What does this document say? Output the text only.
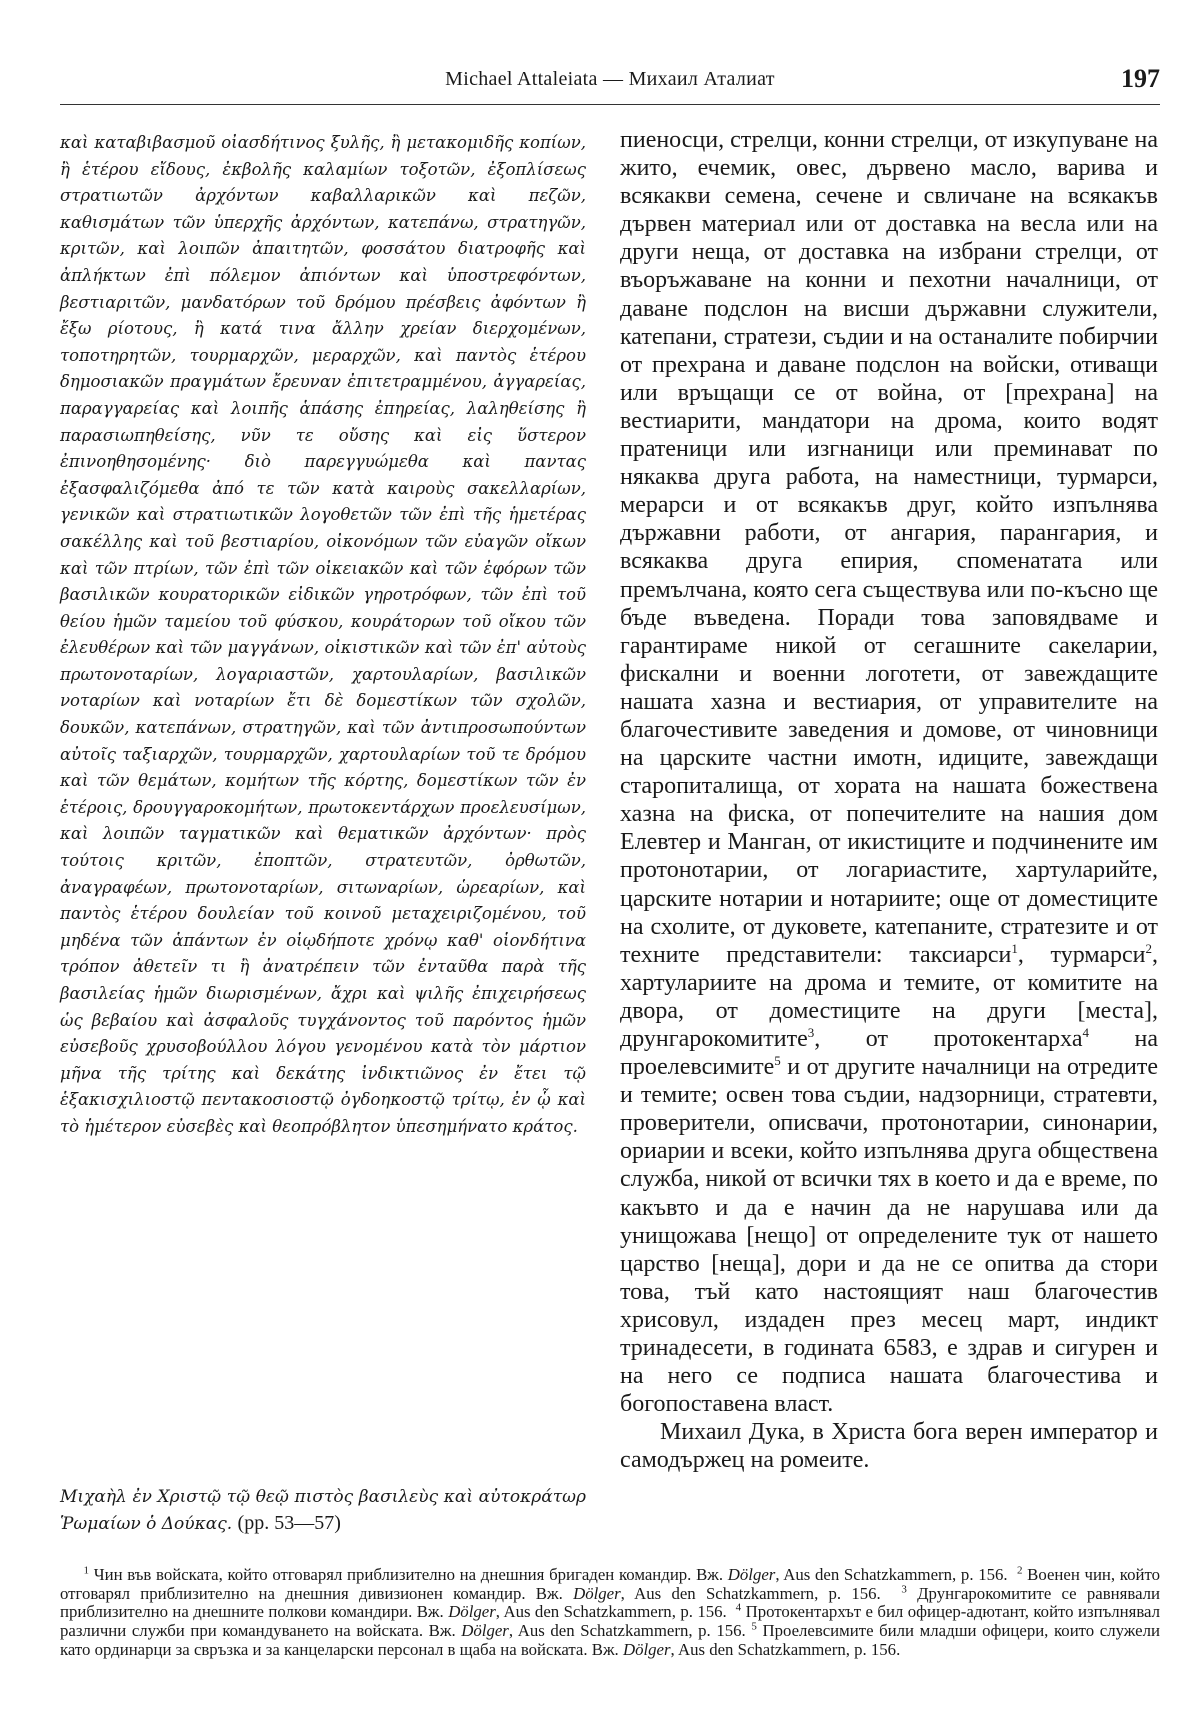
Michael Attaleiata — Михаил Аталиат	197

καὶ καταβιβασμοῦ οἰασδήτινος ξυλῆς, ἢ μετακομιδῆς κοπίων, ἢ ἑτέρου εἴδους, ἐκβολῆς καλαμίων τοξοτῶν, ἐξοπλίσεως στρατιωτῶν ἀρχόντων καβαλλαρικῶν καὶ πεζῶν, καθισμάτων τῶν ὑπερχῆς ἀρχόντων, κατεπάνω, στρατηγῶν, κριτῶν, καὶ λοιπῶν ἀπαιτητῶν, φοσσάτου διατροφῆς καὶ ἀπλήκτων ἐπὶ πόλεμον ἀπιόντων καὶ ὑποστρεφόντων, βεστιαριτῶν, μανδατόρων τοῦ δρόμου πρέσβεις ἀφόντων ἢ ἔξω ρίοτους, ἢ κατά τινα ἄλλην χρείαν διερχομένων, τοποτηρητῶν, τουρμαρχῶν, μεραρχῶν, καὶ παντὸς ἑτέρου δημοσιακῶν πραγμάτων ἔρευναν ἐπιτετραμμένου, ἀγγαρείας, παραγγαρείας καὶ λοιπῆς ἁπάσης ἐπηρείας, λαληθείσης ἢ παρασιωπηθείσης, νῦν τε οὔσης καὶ εἰς ὕστερον ἐπινοηθησομένης· διὸ παρεγγυώμεθα καὶ παντας ἐξασφαλιζόμεθα ἀπό τε τῶν κατὰ καιροὺς σακελλαρίων, γενικῶν καὶ στρατιωτικῶν λογοθετῶν τῶν ἐπὶ τῆς ἡμετέρας σακέλλης καὶ τοῦ βεστιαρίου, οἰκονόμων τῶν εὐαγῶν οἴκων καὶ τῶν πτρίων, τῶν ἐπὶ τῶν οἰκειακῶν καὶ τῶν ἐφόρων τῶν βασιλικῶν κουρατορικῶν εἰδικῶν γηροτρόφων, τῶν ἐπὶ τοῦ θείου ἡμῶν ταμείου τοῦ φύσκου, κουράτορων τοῦ οἴκου τῶν ἐλευθέρων καὶ τῶν μαγγάνων, οἰκιστικῶν καὶ τῶν ἐπ' αὐτοὺς πρωτονοταρίων, λογαριαστῶν, χαρτουλαρίων, βασιλικῶν νοταρίων καὶ νοταρίων ἔτι δὲ δομεστίκων τῶν σχολῶν, δουκῶν, κατεπάνων, στρατηγῶν, καὶ τῶν ἀντιπροσωπούντων αὐτοῖς ταξιαρχῶν, τουρμαρχῶν, χαρτουλαρίων τοῦ τε δρόμου καὶ τῶν θεμάτων, κομήτων τῆς κόρτης, δομεστίκων τῶν ἐν ἑτέροις, δρουγγαροκομήτων, πρωτοκεντάρχων προελευσίμων, καὶ λοιπῶν ταγματικῶν καὶ θεματικῶν ἀρχόντων· πρὸς τούτοις κριτῶν, ἐποπτῶν, στρατευτῶν, ὀρθωτῶν, ἀναγραφέων, πρωτονοταρίων, σιτωναρίων, ὡρεαρίων, καὶ παντὸς ἑτέρου δουλείαν τοῦ κοινοῦ μεταχειριζομένου, τοῦ μηδένα τῶν ἁπάντων ἐν οἱῳδήποτε χρόνῳ καθ' οἱονδήτινα τρόπον ἀθετεῖν τι ἢ ἀνατρέπειν τῶν ἐνταῦθα παρὰ τῆς βασιλείας ἡμῶν διωρισμένων, ἄχρι καὶ ψιλῆς ἐπιχειρήσεως ὡς βεβαίου καὶ ἀσφαλοῦς τυγχάνοντος τοῦ παρόντος ἡμῶν εὐσεβοῦς χρυσοβούλλου λόγου γενομένου κατὰ τὸν μάρτιον μῆνα τῆς τρίτης καὶ δεκάτης ἰνδικτιῶνος ἐν ἔτει τῷ ἑξακισχιλιοστῷ πεντακοσιοστῷ ὀγδοηκοστῷ τρίτῳ, ἐν ᾧ καὶ τὸ ἡμέτερον εὐσεβὲς καὶ θεοπρόβλητον ὑπεσημήνατο κράτος.

Μιχαὴλ ἐν Χριστῷ τῷ θεῷ πιστὸς βασιλεὺς καὶ αὐτοκράτωρ Ῥωμαίων ὁ Δούκας. (pp. 53—57)

пиеносци, стрелци, конни стрелци, от изкупуване на жито, ечемик, овес, дървено масло, варива и всякакви семена, сечене и свличане на всякакъв дървен материал или от доставка на весла или на други неща, от доставка на избрани стрелци, от въоръжаване на конни и пехотни началници, от даване подслон на висши държавни служители, катепани, стратези, съдии и на останалите побирчии от прехрана и даване подслон на войски, отиващи или връщащи се от война, от [прехрана] на вестиарити, мандатори на дрома, които водят пратеници или изгнаници или преминават по някаква друга работа, на наместници, турмарси, мерарси и от всякакъв друг, който изпълнява държавни работи, от ангария, парангария, и всякаква друга епирия, споменатата или премълчана, която сега съществува или по-късно ще бъде въведена. Поради това заповядваме и гарантираме никой от сегашните сакеларии, фискални и военни логотети, от завеждащите нашата хазна и вестиария, от управителите на благочестивите заведения и домове, от чиновници на царските частни имотн, идиците, завеждащи старопиталища, от хората на нашата божествена хазна на фиска, от попечителите на нашия дом Елевтер и Манган, от икистиците и подчинените им протонотарии, от логариастите, хартуларийте, царските нотарии и нотариите; още от доместиците на схолите, от дуковете, катепаните, стратезите и от техните представители: таксиарси$^1$, турмарси$^2$, хартулариите на дрома и темите, от комитите на двора, от доместиците на други [места], друнгарокомитите$^3$, от протокентарха$^4$ на проелевсимите$^5$ и от другите началници на отредите и темите; освен това съдии, надзорници, стратевти, проверители, описвачи, протонотарии, синонарии, ориарии и всеки, който изпълнява друга обществена служба, никой от всички тях в което и да е време, по какъвто и да е начин да не нарушава или да унищожава [нещо] от определените тук от нашето царство [неща], дори и да не се опитва да стори това, тъй като настоящият наш благочестив хрисовул, издаден през месец март, индикт тринадесети, в годината 6583, е здрав и сигурен и на него се подписа нашата благочестива и богопоставена власт.

Михаил Дука, в Христа бога верен император и самодържец на ромеите.

$^1$ Чин във войската, който отговарял приблизително на днешния бригаден командир. Вж. Dölger, Aus den Schatzkammern, p. 156. $^2$ Военен чин, който отговарял приблизително на днешния дивизионен командир. Вж. Dölger, Aus den Schatzkammern, p. 156. $^3$ Друнгарокомитите се равнявали приблизително на днешните полкови командири. Вж. Dölger, Aus den Schatzkammern, p. 156. $^4$ Протокентархът е бил офицер-адютант, който изпълнявал различни служби при командуването на войската. Вж. Dölger, Aus den Schatzkammern, p. 156. $^5$ Проелевсимите били младши офицери, които служели като ординарци за свръзка и за канцеларски персонал в щаба на войската. Вж. Dölger, Aus den Schatzkammern, p. 156.
